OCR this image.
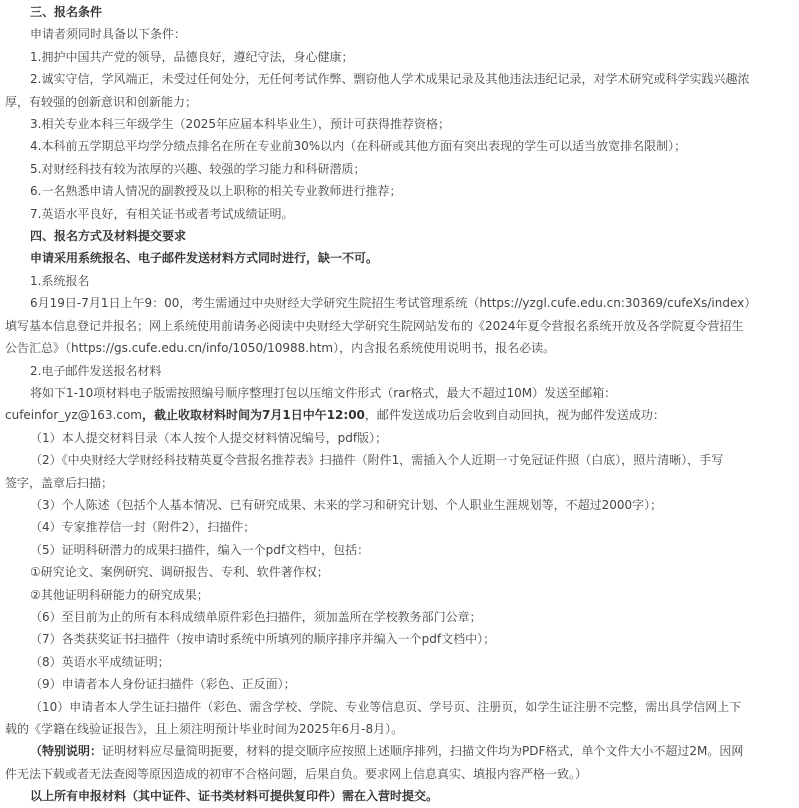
三、报名条件

申请者须同时具备以下条件：

1.拥护中国共产党的领导，品德良好，遵纪守法，身心健康；

2.诚实守信，学风端正，未受过任何处分，无任何考试作弊、剽窃他人学术成果记录及其他违法违纪记录，对学术研究或科学实践兴趣浓

厚，有较强的创新意识和创新能力；

3.相关专业本科三年级学生（2025年应届本科毕业生），预计可获得推荐资格；

4.本科前五学期总平均学分绩点排名在所在专业前30%以内（在科研或其他方面有突出表现的学生可以适当放宽排名限制）；

5.对财经科技有较为浓厚的兴趣、较强的学习能力和科研潜质；

6.一名熟悉申请人情况的副教授及以上职称的相关专业教师进行推荐；

7.英语水平良好，有相关证书或者考试成绩证明。

四、报名方式及材料提交要求

申请采用系统报名、电子邮件发送材料方式同时进行，缺一不可。

1.系统报名

6月19日-7月1日上午9：00，考生需通过中央财经大学研究生院招生考试管理系统（https://yzgl.cufe.edu.cn:30369/cufeXs/index）

填写基本信息登记并报名；网上系统使用前请务必阅读中央财经大学研究生院网站发布的《2024年夏令营报名系统开放及各学院夏令营招生

公告汇总》（https://gs.cufe.edu.cn/info/1050/10988.htm），内含报名系统使用说明书，报名必读。

2.电子邮件发送报名材料

将如下1-10项材料电子版需按照编号顺序整理打包以压缩文件形式（rar格式，最大不超过10M）发送至邮箱：

cufeinfor_yz@163.com，截止收取材料时间为7月1日中午12:00，邮件发送成功后会收到自动回执，视为邮件发送成功：

（1）本人提交材料目录（本人按个人提交材料情况编号，pdf版）；

（2）《中央财经大学财经科技精英夏令营报名推荐表》扫描件（附件1，需插入个人近期一寸免冠证件照（白底），照片清晰），手写

签字，盖章后扫描；

（3）个人陈述（包括个人基本情况、已有研究成果、未来的学习和研究计划、个人职业生涯规划等，不超过2000字）；

（4）专家推荐信一封（附件2），扫描件；

（5）证明科研潜力的成果扫描件，编入一个pdf文档中，包括：

①研究论文、案例研究、调研报告、专利、软件著作权；

②其他证明科研能力的研究成果；

（6）至目前为止的所有本科成绩单原件彩色扫描件，须加盖所在学校教务部门公章；

（7）各类获奖证书扫描件（按申请时系统中所填列的顺序排序并编入一个pdf文档中）；

（8）英语水平成绩证明；

（9）申请者本人身份证扫描件（彩色、正反面）；

（10）申请者本人学生证扫描件（彩色、需含学校、学院、专业等信息页、学号页、注册页，如学生证注册不完整，需出具学信网上下

载的《学籍在线验证报告》，且上须注明预计毕业时间为2025年6月-8月）。

（特别说明：证明材料应尽量简明扼要，材料的提交顺序应按照上述顺序排列，扫描文件均为PDF格式，单个文件大小不超过2M。因网

件无法下载或者无法查阅等原因造成的初审不合格问题，后果自负。要求网上信息真实、填报内容严格一致。）

以上所有申报材料（其中证件、证书类材料可提供复印件）需在入营时提交。
